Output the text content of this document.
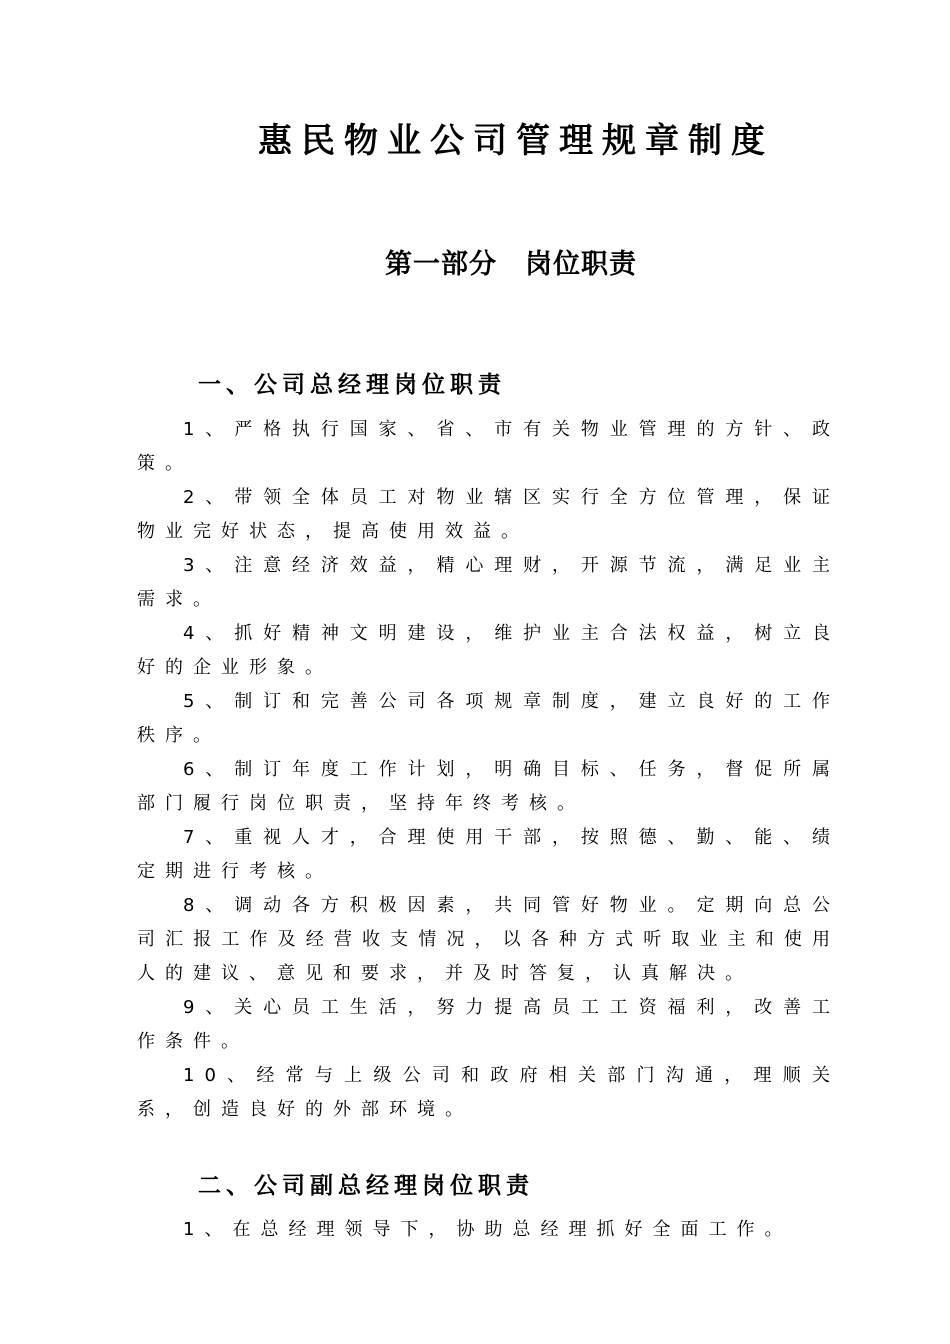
惠民物业公司管理规章制度
第一部分　岗位职责
一、公司总经理岗位职责

1、严格执行国家、省、市有关物业管理的方针、政策。

2、带领全体员工对物业辖区实行全方位管理，保证物业完好状态，提高使用效益。

3、注意经济效益，精心理财，开源节流，满足业主需求。

4、抓好精神文明建设，维护业主合法权益，树立良好的企业形象。

5、制订和完善公司各项规章制度，建立良好的工作秩序。

6、制订年度工作计划，明确目标、任务，督促所属部门履行岗位职责，坚持年终考核。

7、重视人才，合理使用干部，按照德、勤、能、绩定期进行考核。

8、调动各方积极因素，共同管好物业。定期向总公司汇报工作及经营收支情况，以各种方式听取业主和使用人的建议、意见和要求，并及时答复，认真解决。

9、关心员工生活，努力提高员工工资福利，改善工作条件。

10、经常与上级公司和政府相关部门沟通，理顺关系，创造良好的外部环境。

二、公司副总经理岗位职责

1、在总经理领导下，协助总经理抓好全面工作。
